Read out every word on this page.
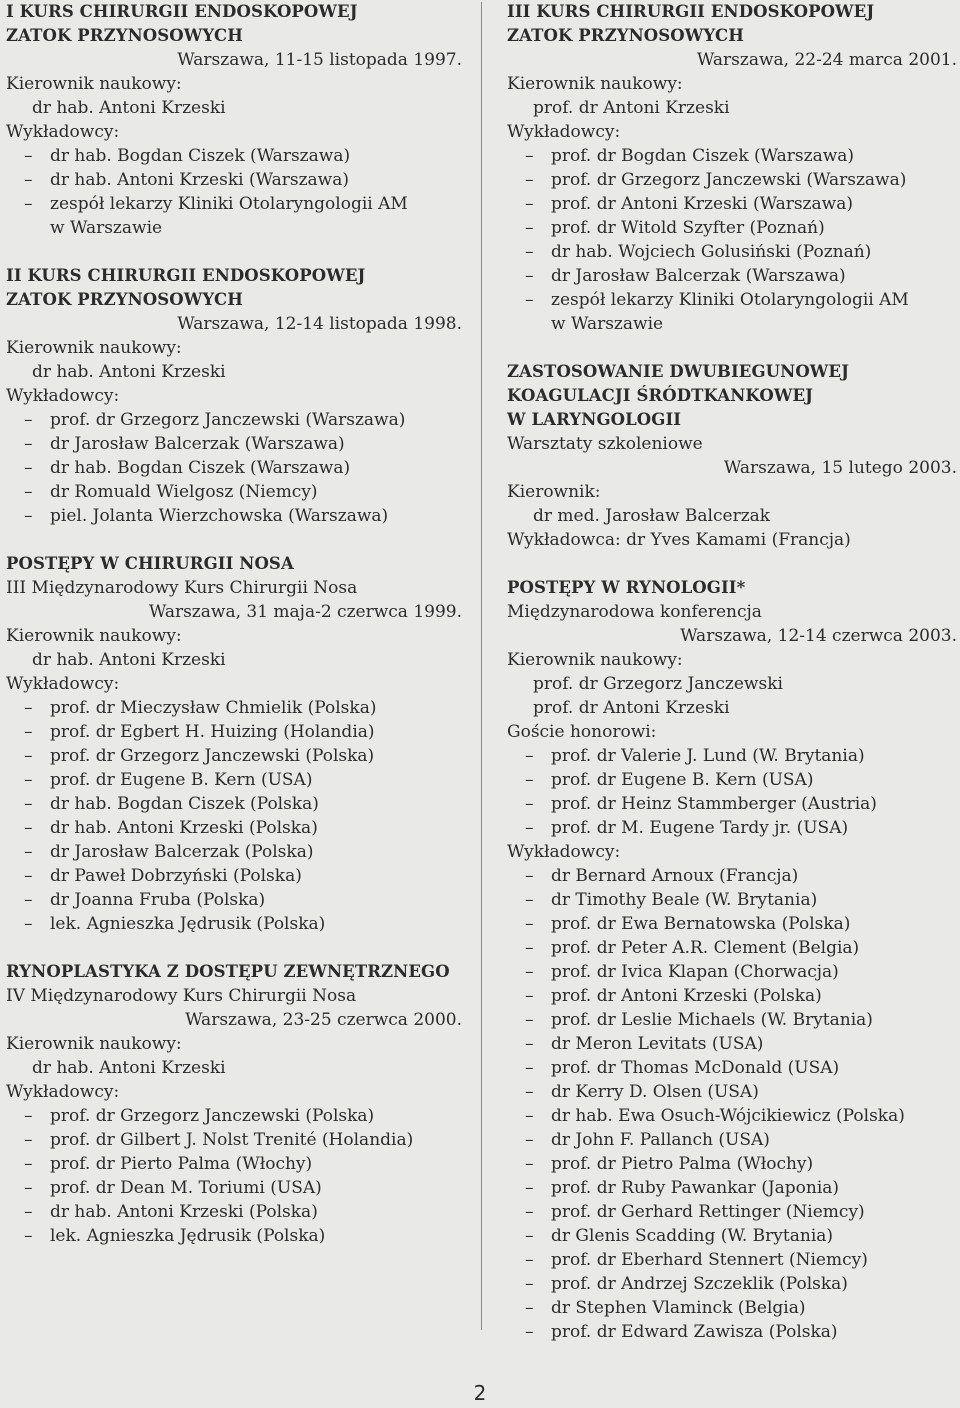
I KURS CHIRURGII ENDOSKOPOWEJ
ZATOK PRZYNOSOWYCH
Warszawa, 11-15 listopada 1997.
Kierownik naukowy:
dr hab. Antoni Krzeski
Wykładowcy:
– dr hab. Bogdan Ciszek (Warszawa)
– dr hab. Antoni Krzeski (Warszawa)
– zespół lekarzy Kliniki Otolaryngologii AM
w Warszawie
II KURS CHIRURGII ENDOSKOPOWEJ
ZATOK PRZYNOSOWYCH
Warszawa, 12-14 listopada 1998.
Kierownik naukowy:
dr hab. Antoni Krzeski
Wykładowcy:
– prof. dr Grzegorz Janczewski (Warszawa)
– dr Jarosław Balcerzak (Warszawa)
– dr hab. Bogdan Ciszek (Warszawa)
– dr Romuald Wielgosz (Niemcy)
– piel. Jolanta Wierzchowska (Warszawa)
POSTĘPY W CHIRURGII NOSA
III Międzynarodowy Kurs Chirurgii Nosa
Warszawa, 31 maja-2 czerwca 1999.
Kierownik naukowy:
dr hab. Antoni Krzeski
Wykładowcy:
– prof. dr Mieczysław Chmielik (Polska)
– prof. dr Egbert H. Huizing (Holandia)
– prof. dr Grzegorz Janczewski (Polska)
– prof. dr Eugene B. Kern (USA)
– dr hab. Bogdan Ciszek (Polska)
– dr hab. Antoni Krzeski (Polska)
– dr Jarosław Balcerzak (Polska)
– dr Paweł Dobrzyński (Polska)
– dr Joanna Fruba (Polska)
– lek. Agnieszka Jędrusik (Polska)
RYNOPLASTYKA Z DOSTĘPU ZEWNĘTRZNEGO
IV Międzynarodowy Kurs Chirurgii Nosa
Warszawa, 23-25 czerwca 2000.
Kierownik naukowy:
dr hab. Antoni Krzeski
Wykładowcy:
– prof. dr Grzegorz Janczewski (Polska)
– prof. dr Gilbert J. Nolst Trenité (Holandia)
– prof. dr Pierto Palma (Włochy)
– prof. dr Dean M. Toriumi (USA)
– dr hab. Antoni Krzeski (Polska)
– lek. Agnieszka Jędrusik (Polska)
III KURS CHIRURGII ENDOSKOPOWEJ
ZATOK PRZYNOSOWYCH
Warszawa, 22-24 marca 2001.
Kierownik naukowy:
prof. dr Antoni Krzeski
Wykładowcy:
– prof. dr Bogdan Ciszek (Warszawa)
– prof. dr Grzegorz Janczewski (Warszawa)
– prof. dr Antoni Krzeski (Warszawa)
– prof. dr Witold Szyfter (Poznań)
– dr hab. Wojciech Golusiński (Poznań)
– dr Jarosław Balcerzak (Warszawa)
– zespół lekarzy Kliniki Otolaryngologii AM
w Warszawie
ZASTOSOWANIE DWUBIEGUNOWEJ
KOAGULACJI ŚRÓDTKANKOWEJ
W LARYNGOLOGII
Warsztaty szkoleniowe
Warszawa, 15 lutego 2003.
Kierownik:
dr med. Jarosław Balcerzak
Wykładowca: dr Yves Kamami (Francja)
POSTĘPY W RYNOLOGII*
Międzynarodowa konferencja
Warszawa, 12-14 czerwca 2003.
Kierownik naukowy:
prof. dr Grzegorz Janczewski
prof. dr Antoni Krzeski
Goście honorowi:
– prof. dr Valerie J. Lund (W. Brytania)
– prof. dr Eugene B. Kern (USA)
– prof. dr Heinz Stammberger (Austria)
– prof. dr M. Eugene Tardy jr. (USA)
Wykładowcy:
– dr Bernard Arnoux (Francja)
– dr Timothy Beale (W. Brytania)
– prof. dr Ewa Bernatowska (Polska)
– prof. dr Peter A.R. Clement (Belgia)
– prof. dr Ivica Klapan (Chorwacja)
– prof. dr Antoni Krzeski (Polska)
– prof. dr Leslie Michaels (W. Brytania)
– dr Meron Levitats (USA)
– prof. dr Thomas McDonald (USA)
– dr Kerry D. Olsen (USA)
– dr hab. Ewa Osuch-Wójcikiewicz (Polska)
– dr John F. Pallanch (USA)
– prof. dr Pietro Palma (Włochy)
– prof. dr Ruby Pawankar (Japonia)
– prof. dr Gerhard Rettinger (Niemcy)
– dr Glenis Scadding (W. Brytania)
– prof. dr Eberhard Stennert (Niemcy)
– prof. dr Andrzej Szczeklik (Polska)
– dr Stephen Vlaminck (Belgia)
– prof. dr Edward Zawisza (Polska)
2
